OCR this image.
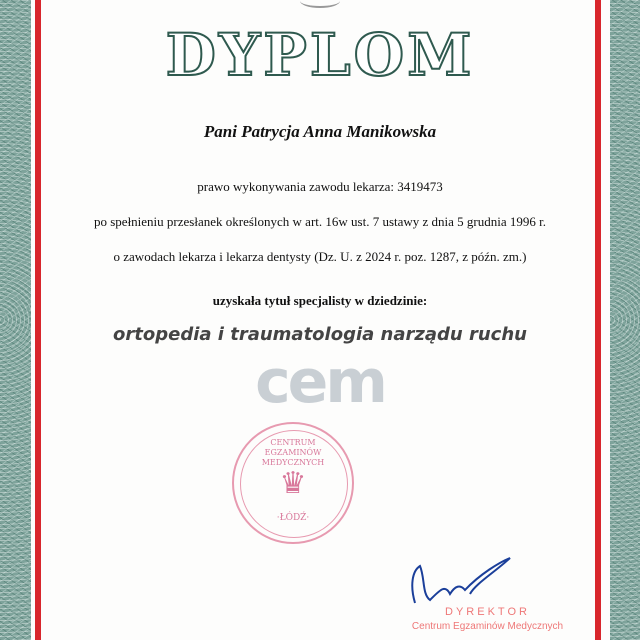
DYPLOM
Pani Patrycja Anna Manikowska
prawo wykonywania zawodu lekarza: 3419473
po spełnieniu przesłanek określonych w art. 16w ust. 7 ustawy z dnia 5 grudnia 1996 r.
o zawodach lekarza i lekarza dentysty (Dz. U. z 2024 r. poz. 1287, z późn. zm.)
uzyskała tytuł specjalisty w dziedzinie:
ortopedia i traumatologia narządu ruchu
cem
CENTRUM EGZAMINÓW MEDYCZNYCH
♛
·ŁÓDŹ·
DYREKTOR
Centrum Egzaminów Medycznych
